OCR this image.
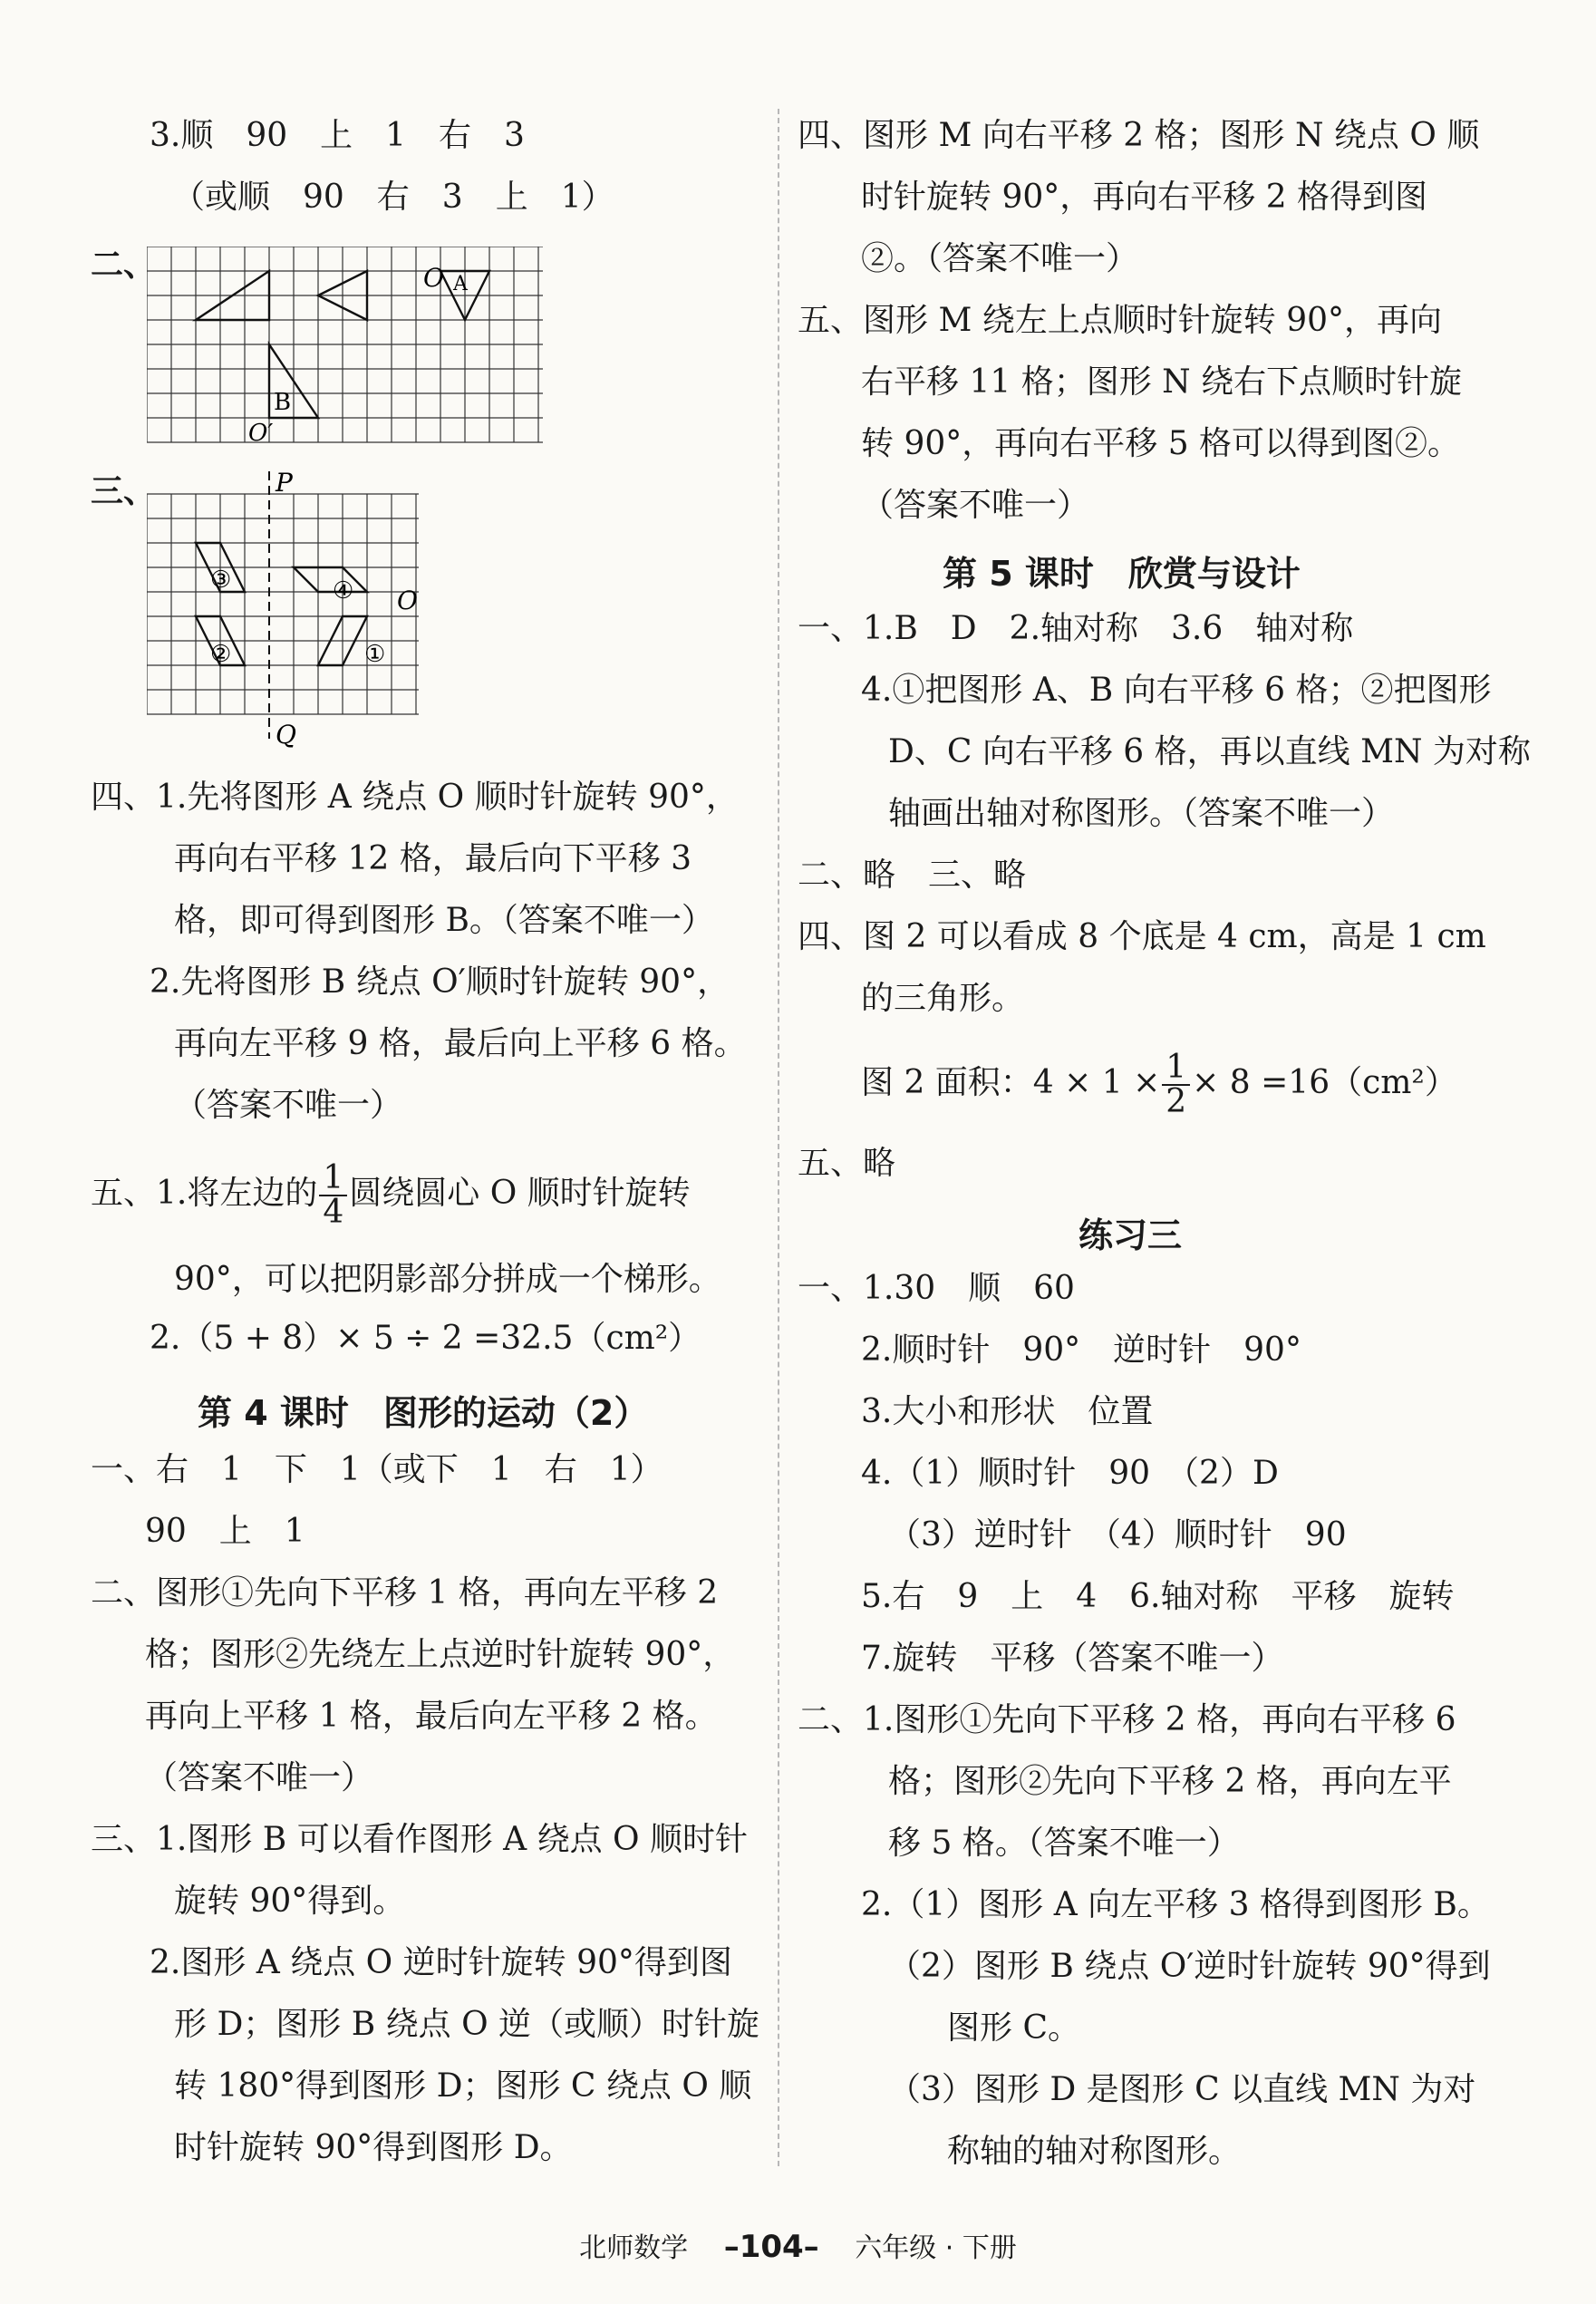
3.顺　90　上　1　右　3
（或顺　90　右　3　上　1）
二、	O A
B
O′
三、	P
Q
O
①
②
③	④
四、1.先将图形 A 绕点 O 顺时针旋转 90°，
再向右平移 12 格，最后向下平移 3
格，即可得到图形 B。（答案不唯一）
2.先将图形 B 绕点 O′顺时针旋转 90°，
再向左平移 9 格，最后向上平移 6 格。
（答案不唯一）
五、1.将左边的 $\frac{1}{4}$ 圆绕圆心 O 顺时针旋转
90°，可以把阴影部分拼成一个梯形。
2.（5 + 8）× 5 ÷ 2 =32.5（cm²）
第 4 课时　图形的运动（2）
一、右　1　下　1（或下　1　右　1）
90　上　1
二、图形①先向下平移 1 格，再向左平移 2
格；图形②先绕左上点逆时针旋转 90°，
再向上平移 1 格，最后向左平移 2 格。
（答案不唯一）
三、1.图形 B 可以看作图形 A 绕点 O 顺时针
旋转 90°得到。
2.图形 A 绕点 O 逆时针旋转 90°得到图
形 D；图形 B 绕点 O 逆（或顺）时针旋
转 180°得到图形 D；图形 C 绕点 O 顺
时针旋转 90°得到图形 D。
四、图形 M 向右平移 2 格；图形 N 绕点 O 顺
时针旋转 90°，再向右平移 2 格得到图
②。（答案不唯一）
五、图形 M 绕左上点顺时针旋转 90°，再向
右平移 11 格；图形 N 绕右下点顺时针旋
转 90°，再向右平移 5 格可以得到图②。
（答案不唯一）
第 5 课时　欣赏与设计
一、1.B　D　2.轴对称　3.6　轴对称
4.①把图形 A、B 向右平移 6 格；②把图形
D、C 向右平移 6 格，再以直线 MN 为对称
轴画出轴对称图形。（答案不唯一）
二、略　三、略
四、图 2 可以看成 8 个底是 4 cm，高是 1 cm
的三角形。
图 2 面积：$4 \times 1 \times \frac{1}{2} \times 8 =16(cm^2)$
五、略
练习三
一、1.30　顺　60
2.顺时针　90°　逆时针　90°
3.大小和形状　位置
4.（1）顺时针　90　（2）D
（3）逆时针　（4）顺时针　90
5.右　9　上　4　6.轴对称　平移　旋转
7.旋转　平移（答案不唯一）
二、1.图形①先向下平移 2 格，再向右平移 6
格；图形②先向下平移 2 格，再向左平
移 5 格。（答案不唯一）
2.（1）图形 A 向左平移 3 格得到图形 B。
（2）图形 B 绕点 O′逆时针旋转 90°得到
图形 C。
（3）图形 D 是图形 C 以直线 MN 为对
称轴的轴对称图形。
北师数学 –104– 六年级 · 下册
